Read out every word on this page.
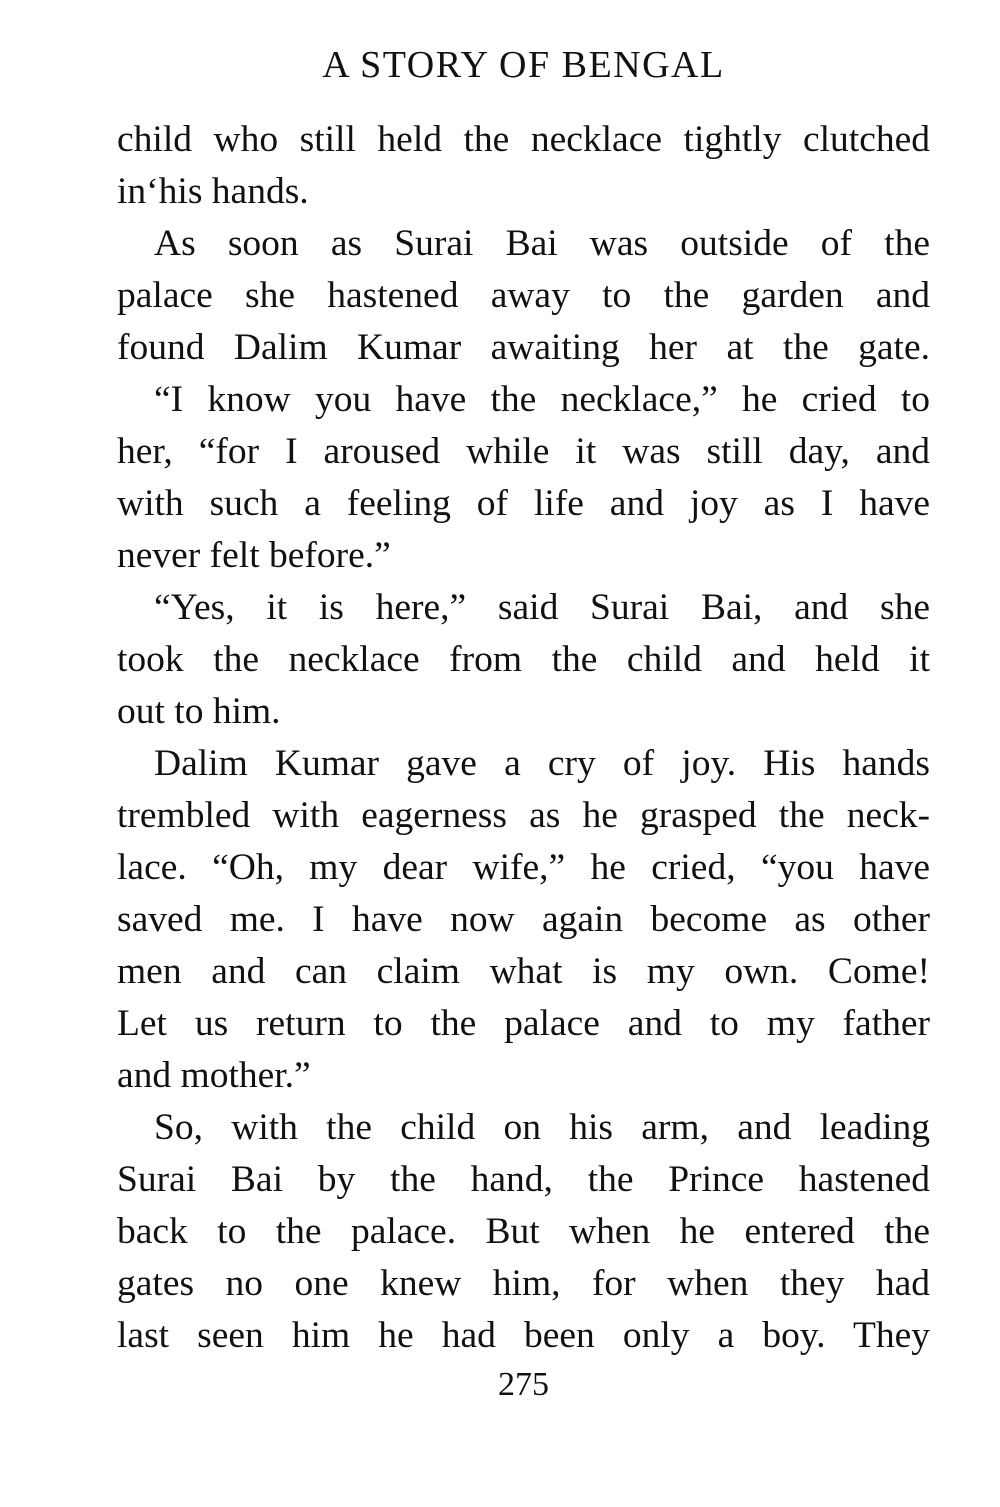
A STORY OF BENGAL
child who still held the necklace tightly clutched
in‘his hands.
As soon as Surai Bai was outside of the
palace she hastened away to the garden and
found Dalim Kumar awaiting her at the gate.
“I know you have the necklace,” he cried to
her, “for I aroused while it was still day, and
with such a feeling of life and joy as I have
never felt before.”
“Yes, it is here,” said Surai Bai, and she
took the necklace from the child and held it
out to him.
Dalim Kumar gave a cry of joy. His hands
trembled with eagerness as he grasped the neck-
lace. “Oh, my dear wife,” he cried, “you have
saved me. I have now again become as other
men and can claim what is my own. Come!
Let us return to the palace and to my father
and mother.”
So, with the child on his arm, and leading
Surai Bai by the hand, the Prince hastened
back to the palace. But when he entered the
gates no one knew him, for when they had
last seen him he had been only a boy. They
275
